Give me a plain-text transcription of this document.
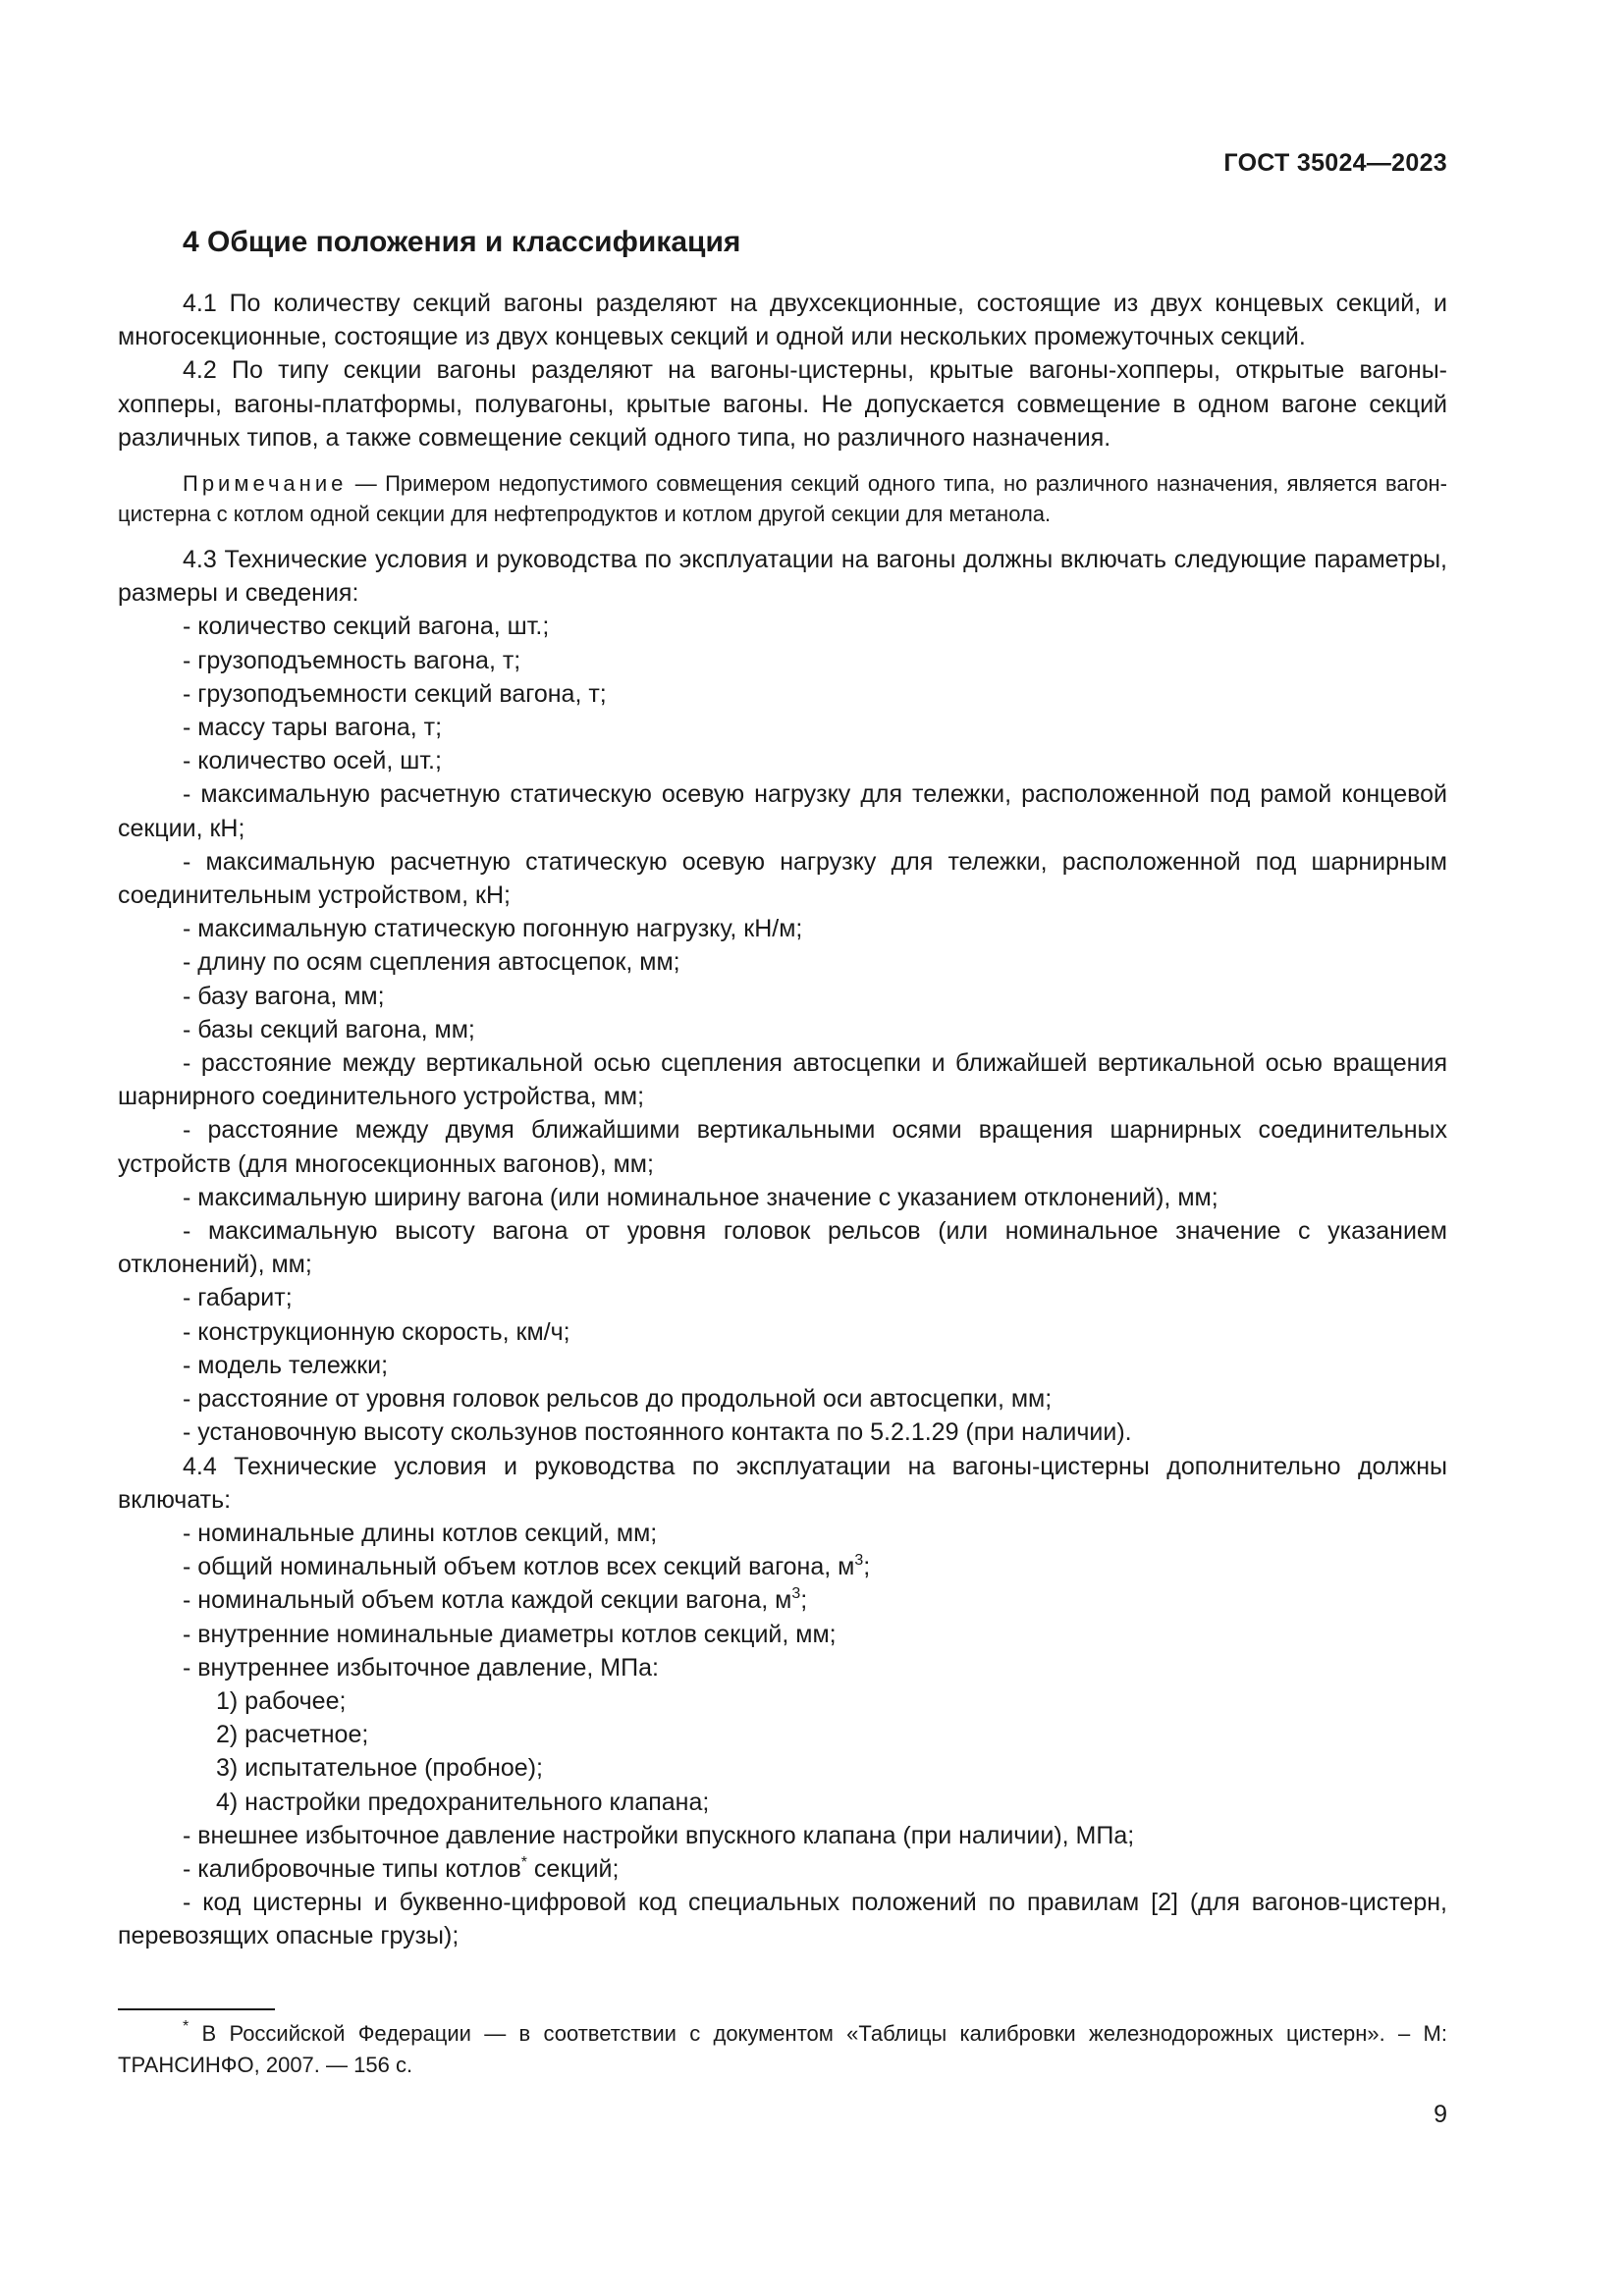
ГОСТ 35024—2023
4 Общие положения и классификация

4.1 По количеству секций вагоны разделяют на двухсекционные, состоящие из двух концевых секций, и многосекционные, состоящие из двух концевых секций и одной или нескольких промежуточных секций.

4.2 По типу секции вагоны разделяют на вагоны-цистерны, крытые вагоны-хопперы, открытые вагоны-хопперы, вагоны-платформы, полувагоны, крытые вагоны. Не допускается совмещение в одном вагоне секций различных типов, а также совмещение секций одного типа, но различного назначения.

Примечание — Примером недопустимого совмещения секций одного типа, но различного назначения, является вагон-цистерна с котлом одной секции для нефтепродуктов и котлом другой секции для метанола.

4.3 Технические условия и руководства по эксплуатации на вагоны должны включать следующие параметры, размеры и сведения:

- количество секций вагона, шт.;

- грузоподъемность вагона, т;

- грузоподъемности секций вагона, т;

- массу тары вагона, т;

- количество осей, шт.;

- максимальную расчетную статическую осевую нагрузку для тележки, расположенной под рамой концевой секции, кН;

- максимальную расчетную статическую осевую нагрузку для тележки, расположенной под шарнирным соединительным устройством, кН;

- максимальную статическую погонную нагрузку, кН/м;

- длину по осям сцепления автосцепок, мм;

- базу вагона, мм;

- базы секций вагона, мм;

- расстояние между вертикальной осью сцепления автосцепки и ближайшей вертикальной осью вращения шарнирного соединительного устройства, мм;

- расстояние между двумя ближайшими вертикальными осями вращения шарнирных соединительных устройств (для многосекционных вагонов), мм;

- максимальную ширину вагона (или номинальное значение с указанием отклонений), мм;

- максимальную высоту вагона от уровня головок рельсов (или номинальное значение с указанием отклонений), мм;

- габарит;

- конструкционную скорость, км/ч;

- модель тележки;

- расстояние от уровня головок рельсов до продольной оси автосцепки, мм;

- установочную высоту скользунов постоянного контакта по 5.2.1.29 (при наличии).

4.4 Технические условия и руководства по эксплуатации на вагоны-цистерны дополнительно должны включать:

- номинальные длины котлов секций, мм;

- общий номинальный объем котлов всех секций вагона, $м^3$;

- номинальный объем котла каждой секции вагона, $м^3$;

- внутренние номинальные диаметры котлов секций, мм;

- внутреннее избыточное давление, МПа:

1) рабочее;

2) расчетное;

3) испытательное (пробное);

4) настройки предохранительного клапана;

- внешнее избыточное давление настройки впускного клапана (при наличии), МПа;

- калибровочные типы котлов* секций;

- код цистерны и буквенно-цифровой код специальных положений по правилам [2] (для вагонов-цистерн, перевозящих опасные грузы);

* В Российской Федерации — в соответствии с документом «Таблицы калибровки железнодорожных цистерн». – М: ТРАНСИНФО, 2007. — 156 с.
9
